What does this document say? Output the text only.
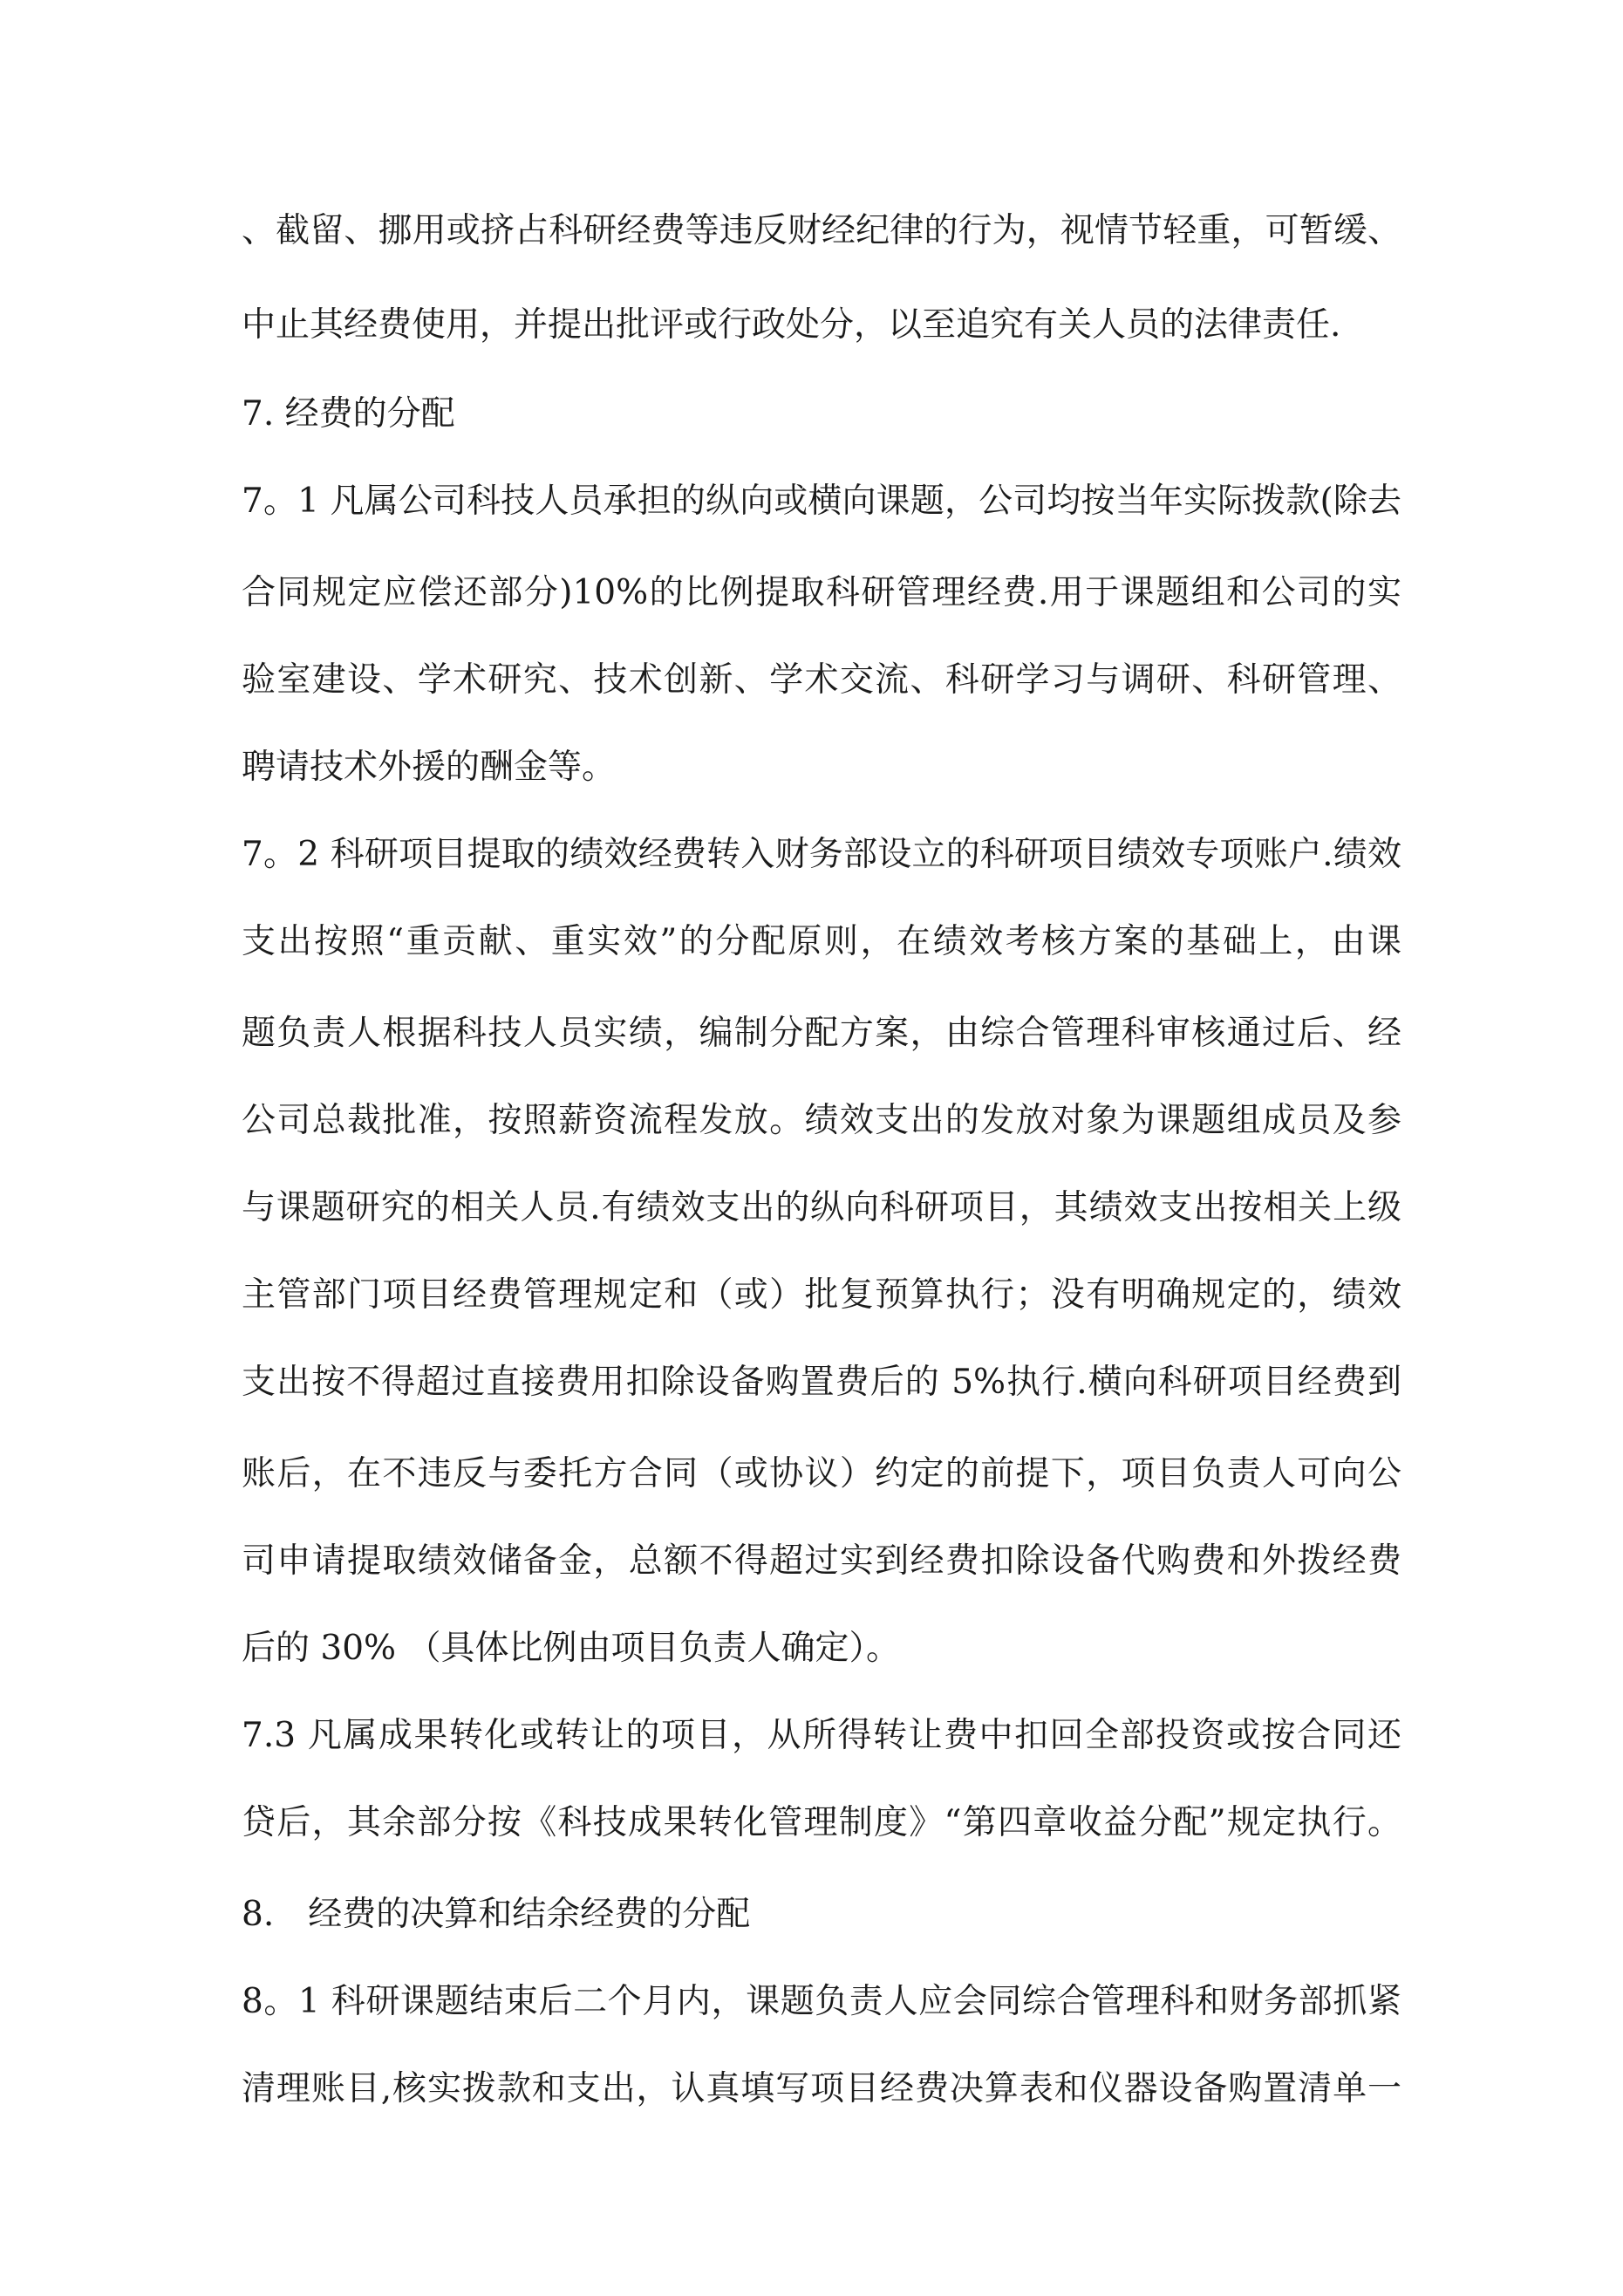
、截留、挪用或挤占科研经费等违反财经纪律的行为，视情节轻重，可暂缓、
中止其经费使用，并提出批评或行政处分，以至追究有关人员的法律责任.
7. 经费的分配
7。1 凡属公司科技人员承担的纵向或横向课题，公司均按当年实际拨款(除去
合同规定应偿还部分)10%的比例提取科研管理经费.用于课题组和公司的实
验室建设、学术研究、技术创新、学术交流、科研学习与调研、科研管理、
聘请技术外援的酬金等。
7。2 科研项目提取的绩效经费转入财务部设立的科研项目绩效专项账户.绩效
支出按照“重贡献、重实效”的分配原则，在绩效考核方案的基础上，由课
题负责人根据科技人员实绩，编制分配方案，由综合管理科审核通过后、经
公司总裁批准，按照薪资流程发放。绩效支出的发放对象为课题组成员及参
与课题研究的相关人员.有绩效支出的纵向科研项目，其绩效支出按相关上级
主管部门项目经费管理规定和（或）批复预算执行；没有明确规定的，绩效
支出按不得超过直接费用扣除设备购置费后的 5%执行.横向科研项目经费到
账后，在不违反与委托方合同（或协议）约定的前提下，项目负责人可向公
司申请提取绩效储备金，总额不得超过实到经费扣除设备代购费和外拨经费
后的 30% （具体比例由项目负责人确定）。
7.3 凡属成果转化或转让的项目，从所得转让费中扣回全部投资或按合同还
贷后，其余部分按《科技成果转化管理制度》“第四章收益分配”规定执行。
8.　经费的决算和结余经费的分配
8。1 科研课题结束后二个月内，课题负责人应会同综合管理科和财务部抓紧
清理账目,核实拨款和支出，认真填写项目经费决算表和仪器设备购置清单一
